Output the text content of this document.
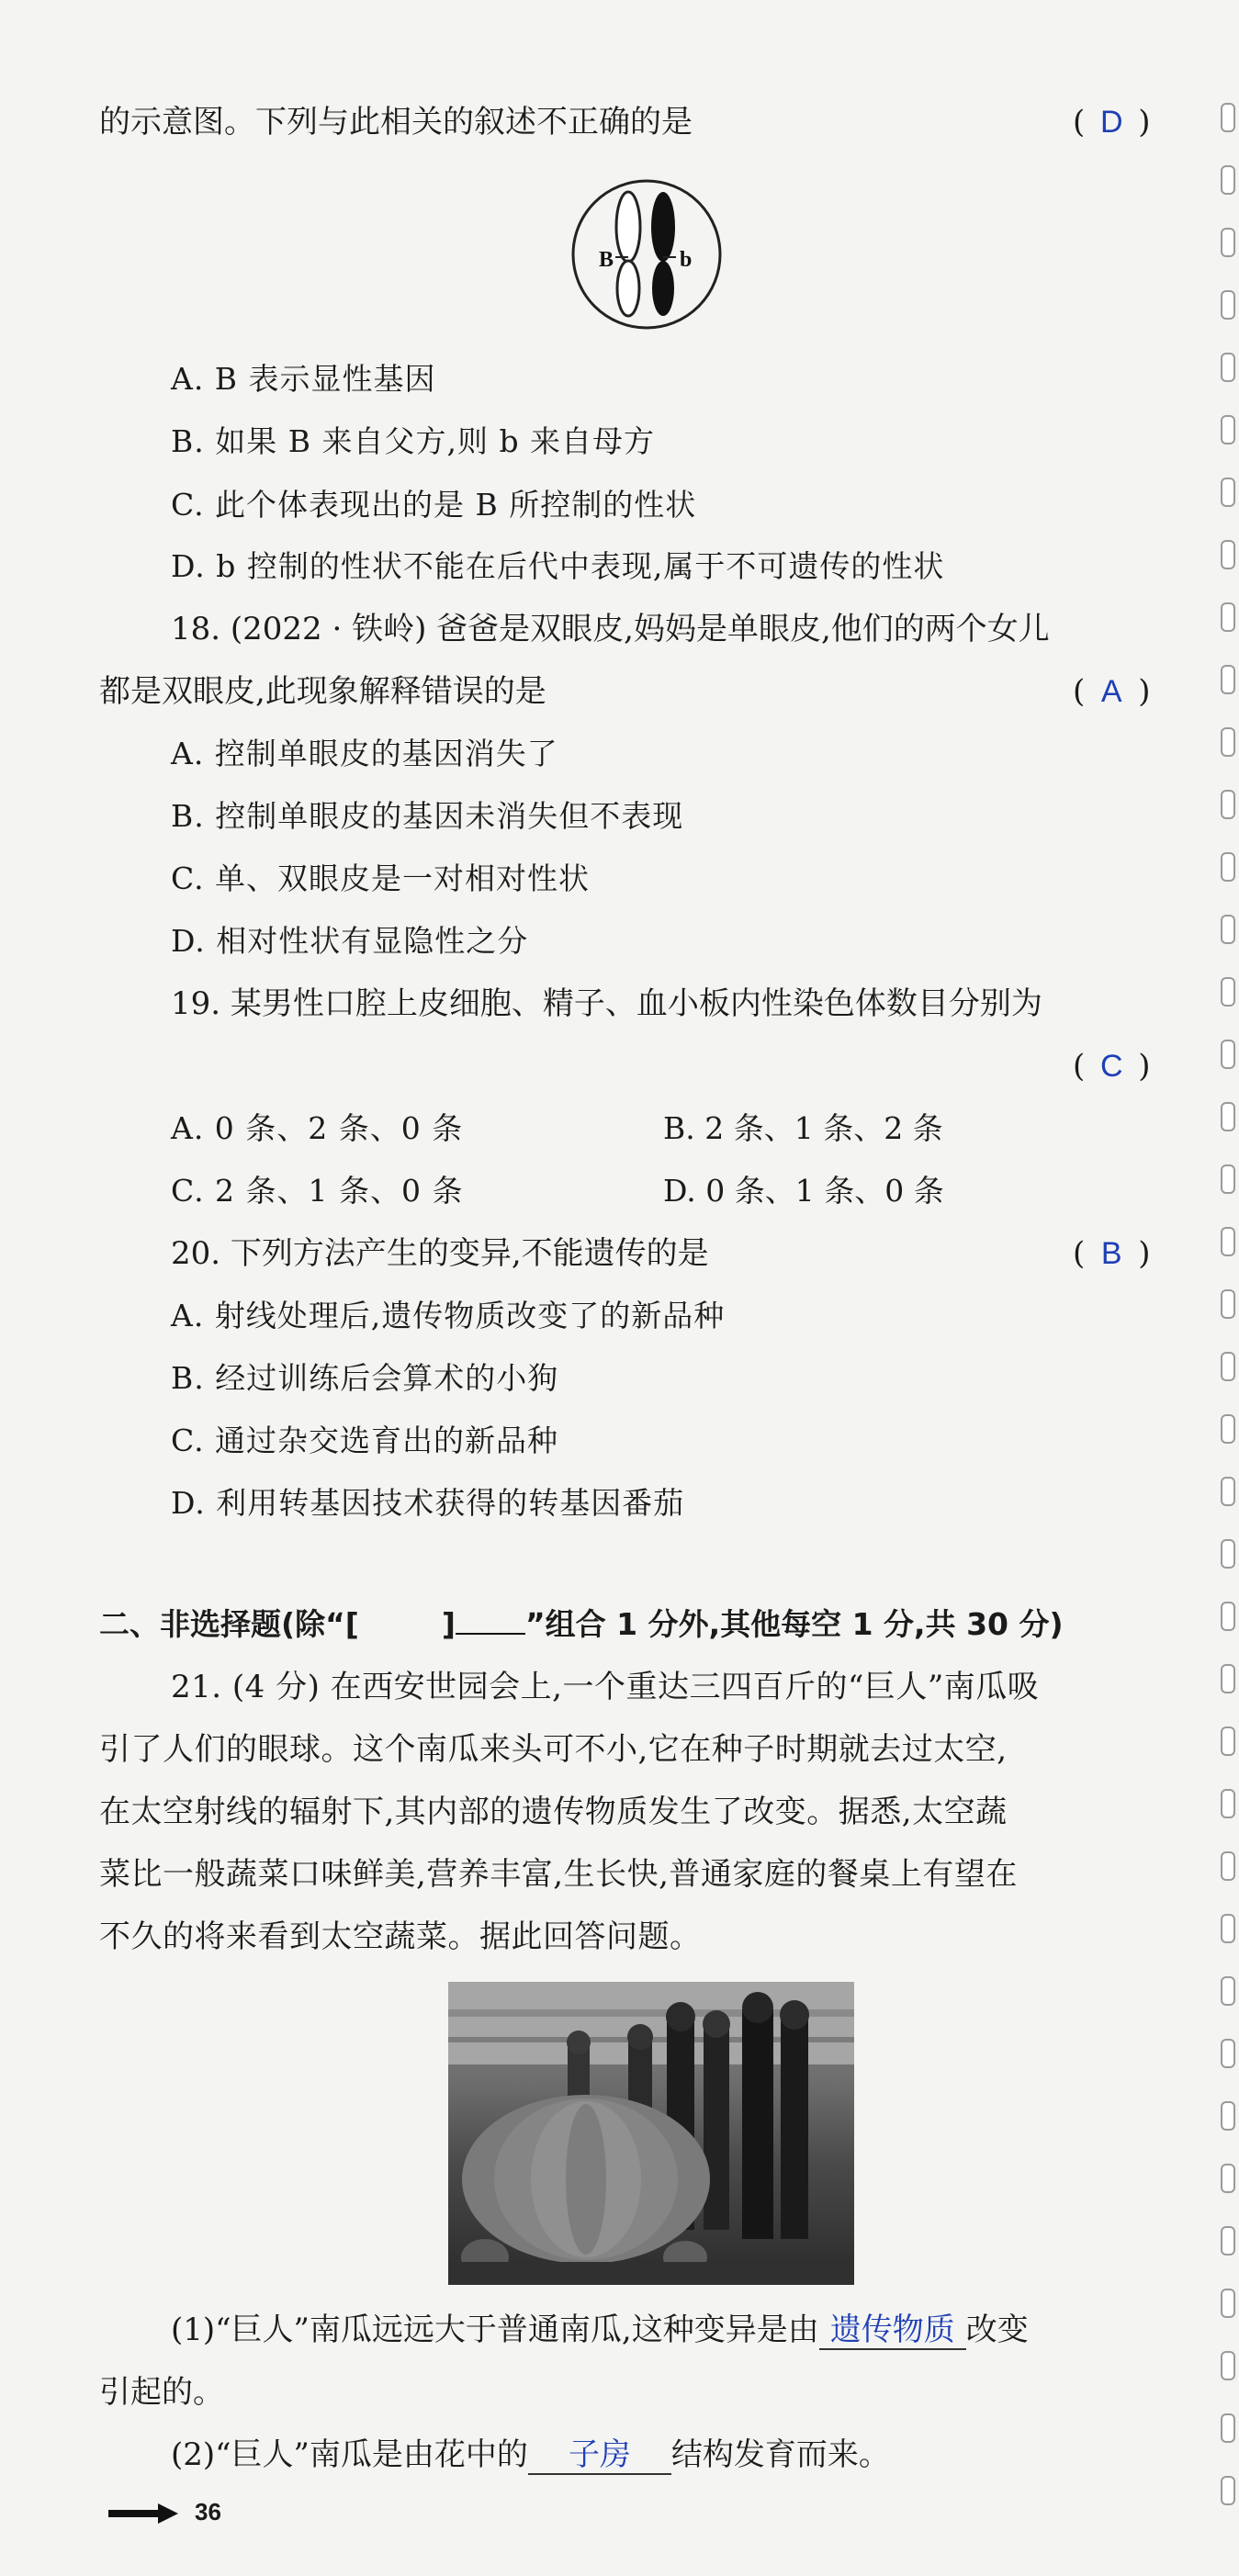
的示意图。下列与此相关的叙述不正确的是	( D )
B	b
A. B 表示显性基因
B. 如果 B 来自父方,则 b 来自母方
C. 此个体表现出的是 B 所控制的性状
D. b 控制的性状不能在后代中表现,属于不可遗传的性状
18. (2022 · 铁岭) 爸爸是双眼皮,妈妈是单眼皮,他们的两个女儿
都是双眼皮,此现象解释错误的是	( A )
A. 控制单眼皮的基因消失了
B. 控制单眼皮的基因未消失但不表现
C. 单、双眼皮是一对相对性状
D. 相对性状有显隐性之分
19. 某男性口腔上皮细胞、精子、血小板内性染色体数目分别为
( C )
A. 0 条、2 条、0 条	B. 2 条、1 条、2 条
C. 2 条、1 条、0 条	D. 0 条、1 条、0 条
20. 下列方法产生的变异,不能遗传的是	( B )
A. 射线处理后,遗传物质改变了的新品种
B. 经过训练后会算术的小狗
C. 通过杂交选育出的新品种
D. 利用转基因技术获得的转基因番茄
二、非选择题(除“[	] ”组合 1 分外,其他每空 1 分,共 30 分)
21. (4 分) 在西安世园会上,一个重达三四百斤的“巨人”南瓜吸
引了人们的眼球。这个南瓜来头可不小,它在种子时期就去过太空,
在太空射线的辐射下,其内部的遗传物质发生了改变。据悉,太空蔬
菜比一般蔬菜口味鲜美,营养丰富,生长快,普通家庭的餐桌上有望在
不久的将来看到太空蔬菜。据此回答问题。
(1)“巨人”南瓜远远大于普通南瓜,这种变异是由 遗传物质 改变
引起的。
(2)“巨人”南瓜是由花中的 子房 结构发育而来。
36
